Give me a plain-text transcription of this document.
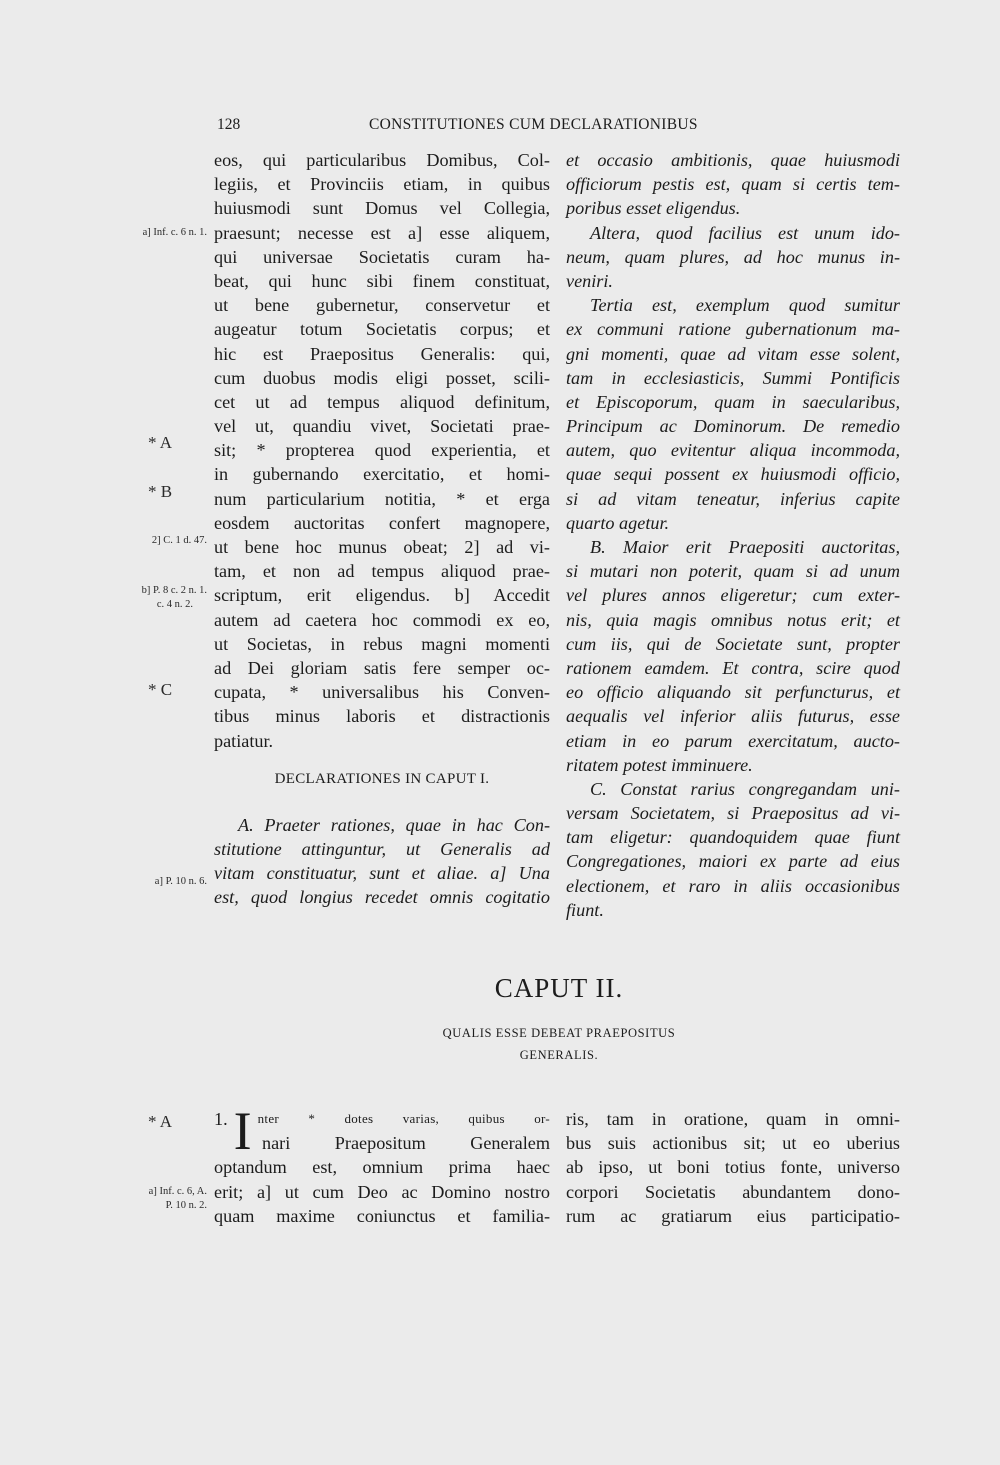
128	CONSTITUTIONES CUM DECLARATIONIBUS
a] Inf. c. 6 n. 1.
* A
* B
2] C. 1 d. 47.
b] P. 8 c. 2 n. 1.
c. 4 n. 2.
* C
a] P. 10 n. 6.
* A
a] Inf. c. 6, A.
P. 10 n. 2.
eos, qui particularibus Domibus, Col-
legiis, et Provinciis etiam, in quibus
huiusmodi sunt Domus vel Collegia,
praesunt; necesse est a] esse aliquem,
qui universae Societatis curam ha-
beat, qui hunc sibi finem constituat,
ut bene gubernetur, conservetur et
augeatur totum Societatis corpus; et
hic est Praepositus Generalis: qui,
cum duobus modis eligi posset, scili-
cet ut ad tempus aliquod definitum,
vel ut, quandiu vivet, Societati prae-
sit; * propterea quod experientia, et
in gubernando exercitatio, et homi-
num particularium notitia, * et erga
eosdem auctoritas confert magnopere,
ut bene hoc munus obeat; 2] ad vi-
tam, et non ad tempus aliquod prae-
scriptum, erit eligendus. b] Accedit
autem ad caetera hoc commodi ex eo,
ut Societas, in rebus magni momenti
ad Dei gloriam satis fere semper oc-
cupata, * universalibus his Conven-
tibus minus laboris et distractionis
patiatur.
DECLARATIONES IN CAPUT I.
A. Praeter rationes, quae in hac Con-
stitutione attinguntur, ut Generalis ad
vitam constituatur, sunt et aliae. a] Una
est, quod longius recedet omnis cogitatio
et occasio ambitionis, quae huiusmodi
officiorum pestis est, quam si certis tem-
poribus esset eligendus.
Altera, quod facilius est unum ido-
neum, quam plures, ad hoc munus in-
veniri.
Tertia est, exemplum quod sumitur
ex communi ratione gubernationum ma-
gni momenti, quae ad vitam esse solent,
tam in ecclesiasticis, Summi Pontificis
et Episcoporum, quam in saecularibus,
Principum ac Dominorum. De remedio
autem, quo evitentur aliqua incommoda,
quae sequi possent ex huiusmodi officio,
si ad vitam teneatur, inferius capite
quarto agetur.
B. Maior erit Praepositi auctoritas,
si mutari non poterit, quam si ad unum
vel plures annos eligeretur; cum exter-
nis, quia magis omnibus notus erit; et
cum iis, qui de Societate sunt, propter
rationem eamdem. Et contra, scire quod
eo officio aliquando sit perfuncturus, et
aequalis vel inferior aliis futurus, esse
etiam in eo parum exercitatum, aucto-
ritatem potest imminuere.
C. Constat rarius congregandam uni-
versam Societatem, si Praepositus ad vi-
tam eligetur: quandoquidem quae fiunt
Congregationes, maiori ex parte ad eius
electionem, et raro in aliis occasionibus
fiunt.
CAPUT II.
QUALIS ESSE DEBEAT PRAEPOSITUS
GENERALIS.
1. I nter * dotes varias, quibus or-
nari Praepositum Generalem
optandum est, omnium prima haec
erit; a] ut cum Deo ac Domino nostro
quam maxime coniunctus et familia-
ris, tam in oratione, quam in omni-
bus suis actionibus sit; ut eo uberius
ab ipso, ut boni totius fonte, universo
corpori Societatis abundantem dono-
rum ac gratiarum eius participatio-
